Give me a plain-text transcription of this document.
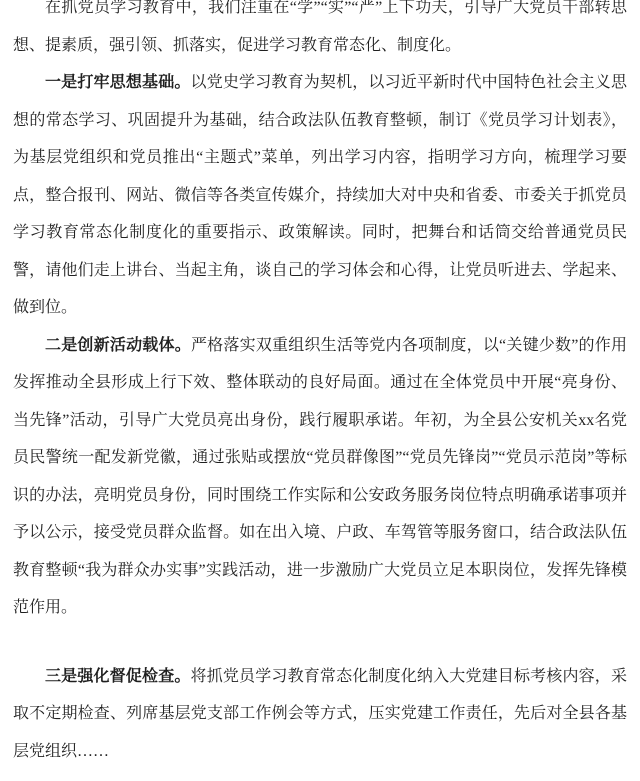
在抓党员学习教育中，我们注重在“学”“实”“严”上下功夫，引导广大党员干部转思想、提素质，强引领、抓落实，促进学习教育常态化、制度化。

一是打牢思想基础。以党史学习教育为契机，以习近平新时代中国特色社会主义思想的常态学习、巩固提升为基础，结合政法队伍教育整顿，制订《党员学习计划表》，为基层党组织和党员推出“主题式”菜单，列出学习内容，指明学习方向，梳理学习要点，整合报刊、网站、微信等各类宣传媒介，持续加大对中央和省委、市委关于抓党员学习教育常态化制度化的重要指示、政策解读。同时，把舞台和话筒交给普通党员民警，请他们走上讲台、当起主角，谈自己的学习体会和心得，让党员听进去、学起来、做到位。

二是创新活动载体。严格落实双重组织生活等党内各项制度，以“关键少数”的作用发挥推动全县形成上行下效、整体联动的良好局面。通过在全体党员中开展“亮身份、当先锋”活动，引导广大党员亮出身份，践行履职承诺。年初，为全县公安机关xx名党员民警统一配发新党徽，通过张贴或摆放“党员群像图”“党员先锋岗”“党员示范岗”等标识的办法，亮明党员身份，同时围绕工作实际和公安政务服务岗位特点明确承诺事项并予以公示，接受党员群众监督。如在出入境、户政、车驾管等服务窗口，结合政法队伍教育整顿“我为群众办实事”实践活动，进一步激励广大党员立足本职岗位，发挥先锋模范作用。

三是强化督促检查。将抓党员学习教育常态化制度化纳入大党建目标考核内容，采取不定期检查、列席基层党支部工作例会等方式，压实党建工作责任，先后对全县各基层党组织……
